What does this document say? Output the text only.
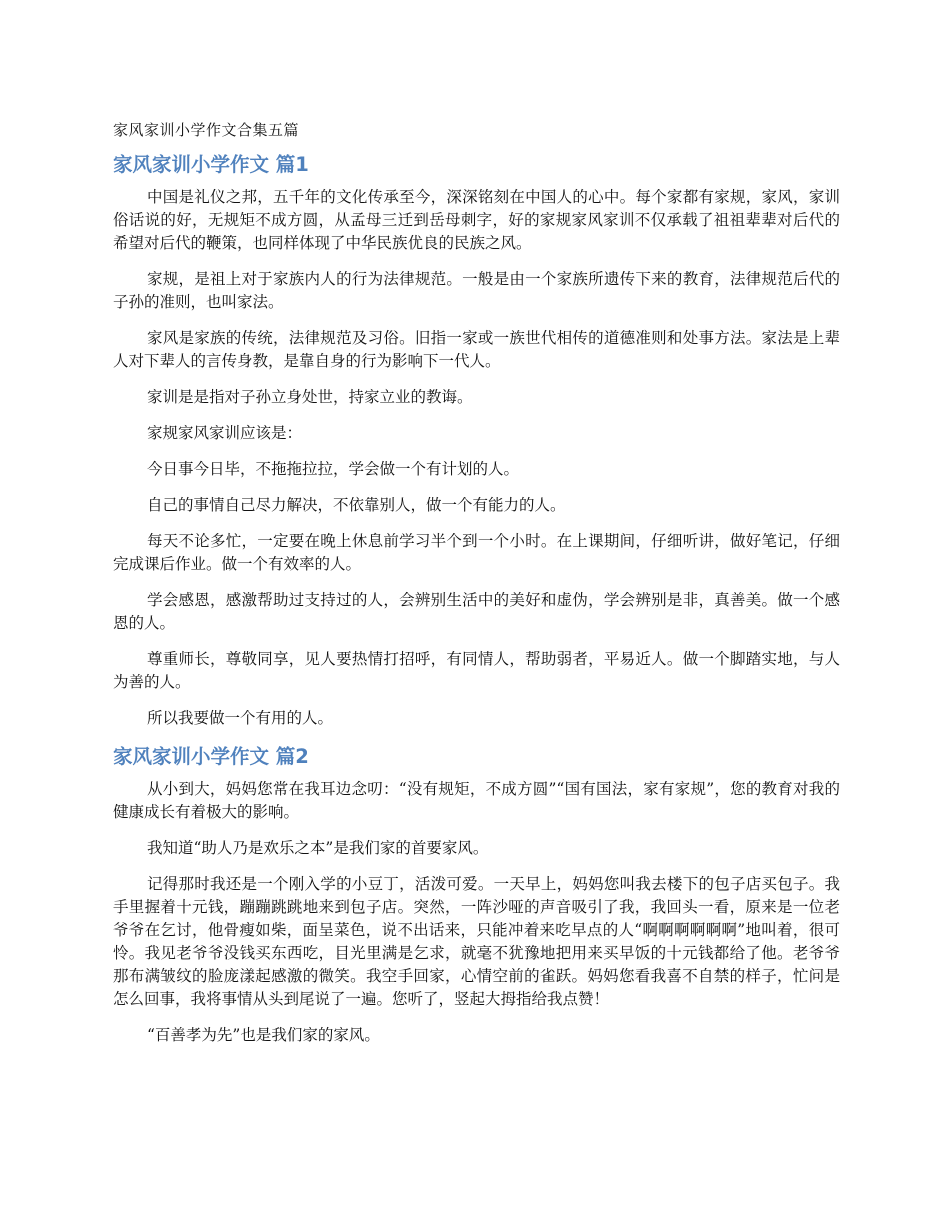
家风家训小学作文合集五篇
家风家训小学作文 篇1

中国是礼仪之邦，五千年的文化传承至今，深深铭刻在中国人的心中。每个家都有家规，家风，家训俗话说的好，无规矩不成方圆，从孟母三迁到岳母刺字，好的家规家风家训不仅承载了祖祖辈辈对后代的希望对后代的鞭策，也同样体现了中华民族优良的民族之风。

家规，是祖上对于家族内人的行为法律规范。一般是由一个家族所遗传下来的教育，法律规范后代的子孙的准则，也叫家法。

家风是家族的传统，法律规范及习俗。旧指一家或一族世代相传的道德准则和处事方法。家法是上辈人对下辈人的言传身教，是靠自身的行为影响下一代人。

家训是是指对子孙立身处世，持家立业的教诲。

家规家风家训应该是：

今日事今日毕，不拖拖拉拉，学会做一个有计划的人。

自己的事情自己尽力解决，不依靠别人，做一个有能力的人。

每天不论多忙，一定要在晚上休息前学习半个到一个小时。在上课期间，仔细听讲，做好笔记，仔细完成课后作业。做一个有效率的人。

学会感恩，感激帮助过支持过的人，会辨别生活中的美好和虚伪，学会辨别是非，真善美。做一个感恩的人。

尊重师长，尊敬同享，见人要热情打招呼，有同情人，帮助弱者，平易近人。做一个脚踏实地，与人为善的人。

所以我要做一个有用的人。

家风家训小学作文 篇2

从小到大，妈妈您常在我耳边念叨：“没有规矩，不成方圆”“国有国法，家有家规”，您的教育对我的健康成长有着极大的影响。

我知道“助人乃是欢乐之本”是我们家的首要家风。

记得那时我还是一个刚入学的小豆丁，活泼可爱。一天早上，妈妈您叫我去楼下的包子店买包子。我手里握着十元钱，蹦蹦跳跳地来到包子店。突然，一阵沙哑的声音吸引了我，我回头一看，原来是一位老爷爷在乞讨，他骨瘦如柴，面呈菜色，说不出话来，只能冲着来吃早点的人“啊啊啊啊啊啊”地叫着，很可怜。我见老爷爷没钱买东西吃，目光里满是乞求，就毫不犹豫地把用来买早饭的十元钱都给了他。老爷爷那布满皱纹的脸庞漾起感激的微笑。我空手回家，心情空前的雀跃。妈妈您看我喜不自禁的样子，忙问是怎么回事，我将事情从头到尾说了一遍。您听了，竖起大拇指给我点赞！

“百善孝为先”也是我们家的家风。
